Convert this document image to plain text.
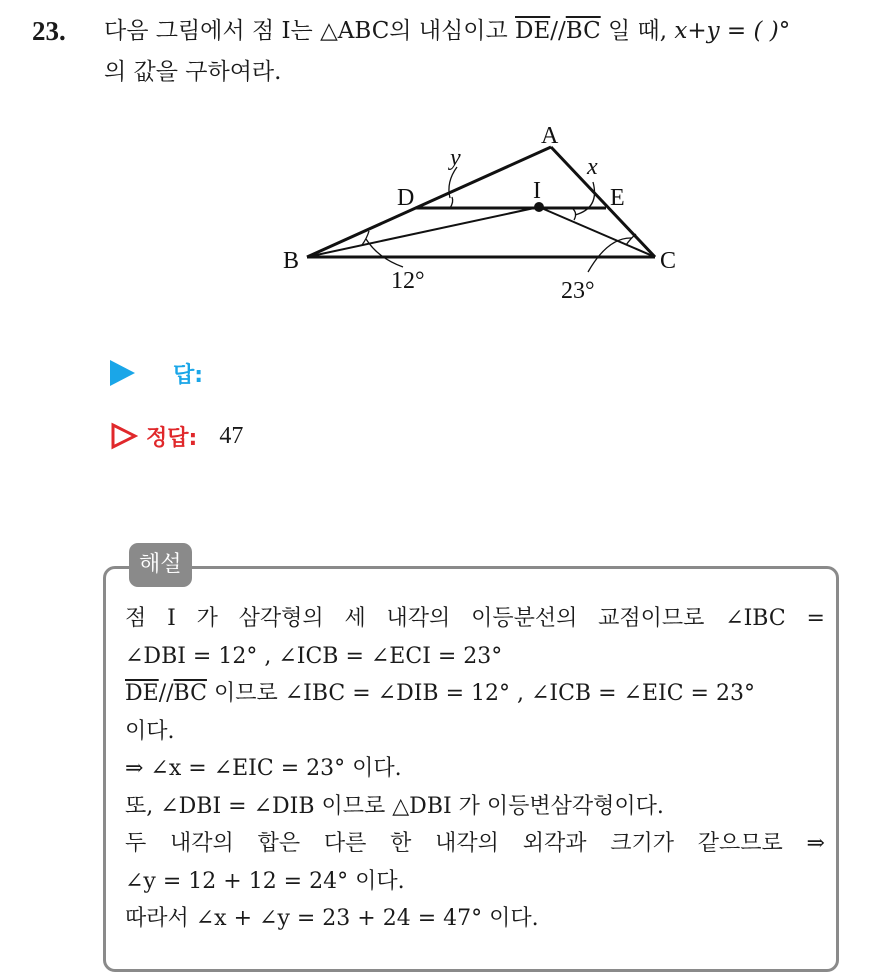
23. 다음 그림에서 점 I는 △ABC의 내심이고 $\overline{DE}//\overline{BC}$ 일 때, x+y = ( )°
의 값을 구하여라.
A
B	C
D	E
I
y	x
12°	23°
답:
정답: 47
해설
점 I 가 삼각형의 세 내각의 이등분선의 교점이므로 ∠IBC =
∠DBI = 12° , ∠ICB = ∠ECI = 23°
$\overline{DE}//\overline{BC}$ 이므로 ∠IBC = ∠DIB = 12° , ∠ICB = ∠EIC = 23°
이다.
⇒ ∠x = ∠EIC = 23° 이다.
또, ∠DBI = ∠DIB 이므로 △DBI 가 이등변삼각형이다.
두 내각의 합은 다른 한 내각의 외각과 크기가 같으므로 ⇒
∠y = 12 + 12 = 24° 이다.
따라서 ∠x + ∠y = 23 + 24 = 47° 이다.
